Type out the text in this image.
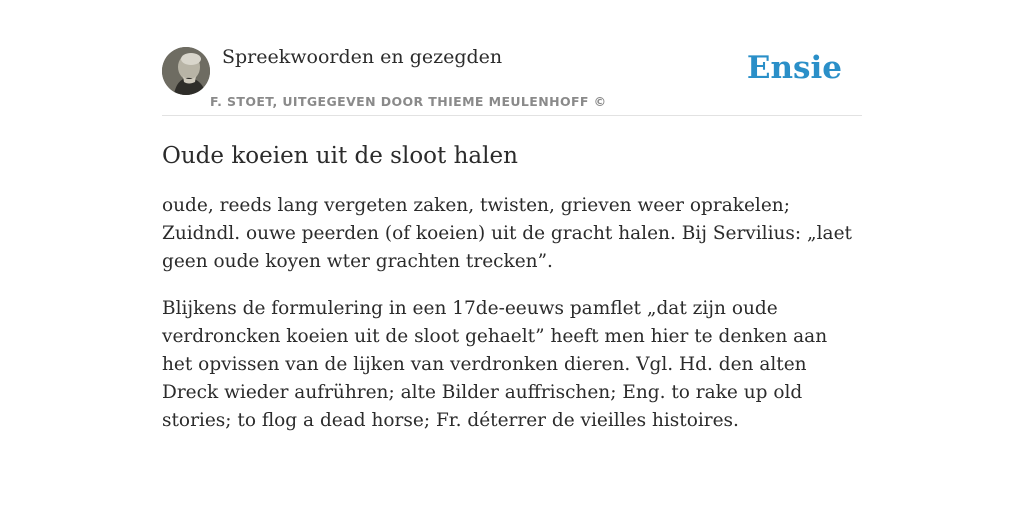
Spreekwoorden en gezegden
F. STOET, UITGEGEVEN DOOR THIEME MEULENHOFF ©
Ensie
Oude koeien uit de sloot halen

oude, reeds lang vergeten zaken, twisten, grieven weer oprakelen; Zuidndl. ouwe peerden (of koeien) uit de gracht halen. Bij Servilius: „laet geen oude koyen wter grachten trecken”.

Blijkens de formulering in een 17de-eeuws pamflet „dat zijn oude verdroncken koeien uit de sloot gehaelt” heeft men hier te denken aan het opvissen van de lijken van verdronken dieren. Vgl. Hd. den alten Dreck wieder aufrühren; alte Bilder auffrischen; Eng. to rake up old stories; to flog a dead horse; Fr. déterrer de vieilles histoires.
